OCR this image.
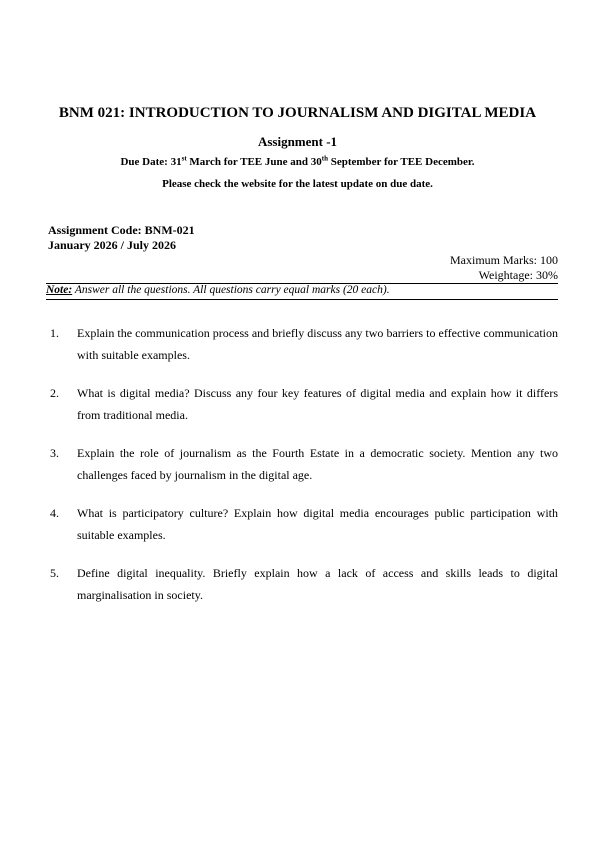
BNM 021: INTRODUCTION TO JOURNALISM AND DIGITAL MEDIA
Assignment -1
Due Date: 31st March for TEE June and 30th September for TEE December.
Please check the website for the latest update on due date.
Assignment Code: BNM-021
January 2026 / July 2026
Maximum Marks: 100
Weightage: 30%
Note: Answer all the questions. All questions carry equal marks (20 each).
1. Explain the communication process and briefly discuss any two barriers to effective communication with suitable examples.
2. What is digital media? Discuss any four key features of digital media and explain how it differs from traditional media.
3. Explain the role of journalism as the Fourth Estate in a democratic society. Mention any two challenges faced by journalism in the digital age.
4. What is participatory culture? Explain how digital media encourages public participation with suitable examples.
5. Define digital inequality. Briefly explain how a lack of access and skills leads to digital marginalisation in society.
